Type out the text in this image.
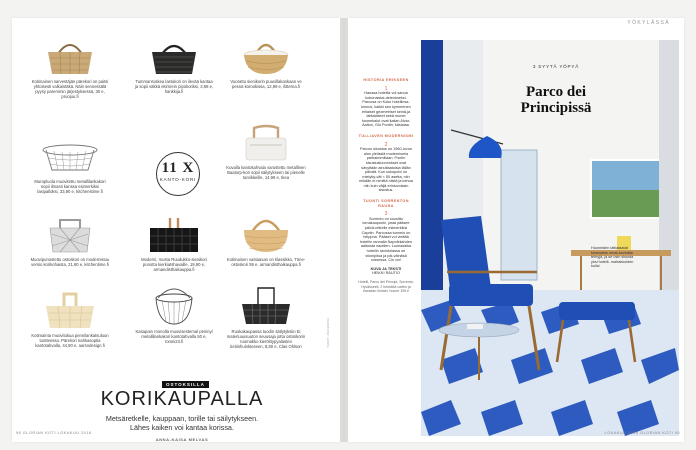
Kotimainen sarvestäjän pärekori on paitsi yhtoisesti valkaistäkä. Näin sennessälä pyysy paremmin järjestyksessä, 30 e, pruojuu.fi
Tummanruskea lastukori on ilevää kantaa ja sopii väkkä ekimrein pipokoriksi, 3,98 e, hankkija.fi
Vuorattu sienikorin puuvillakankaan ve pesnä korookissa, 12,99 e, ilitterna.fi
Muropluola muovitettu metallilankakori sopii ilmasti kanssa esimerkiksi lasipalloksi, 33,90 e, kitchenstime.fi
11 X
KANTO-KORI
Kuvalla kantokahvala varustettu metallinen Baatorp-kori sopii säilytykseen tai pienelle tarvikkeille, 14,99 e, Ikea
Muovipunostettu ostoskori on modernistuu versio korikohaista, 21,90 e, kitchentime.fi
Moderni, musta Ruudukko-sienikori punotta kierkiatshavaille, 19,90 e, armandisthaikauppa.fi
Kotimainen vastaavan on klassikko, Töne-ostoskori 59 e, armandisthaikauppa.fi
Kotimainta muovitukua pennilankatsuluun tuotteessa. Pärekori nahkasoptia kantotahvalla, 44,90 e, aarsodesign.fi
Kasapain roonolla muovisestemal peninyl metallilankakori kantotahvalla 50 e, roomi23.fi
Ruokakaupassa tuodin sätlytyksiin Ei materiuuusuuton seuusaja jotta ostoskorin ruomakko kierölöypyalasten tietiinhuinkteseen, 8,50 e, Clas Ohlson
OSTOKSILLA
KORIKAUPALLA
Metsäretkelle, kauppaan, torille tai säilytykseen.
Lähes kaiken voi kantaa korissa.
ANNA-KAISA MELVAS
96 GLORIAN KOTI LOKAKUU 2016
TEKSTI: JÄRVENPÄÄ
YÖKYLÄSSÄ
HISTORIA ERIKSEEN
1
Hanasa hotellia voi sanoa kokonaistai-deteokseksi. Parcosa on Koko hotellinsa-kinnus, kaikki sen kymmenen erilaiset geometriset seinä-ja lattiataiteet sekä monet huonekalut ovat italian Alvar-Aalton, Gió Pontin, käsialaa.
TULLIAVEN MODERNISMI
2
Parcon sisustus on 1960-luvun alun ylelisslä modernismia parhaimmillaan. Pontin sisustusluonnokset ovat sävyltään ainutlaatuisia tällän päivää. Kun sukupolvi on mielytty-vät < 50 asetta, niin mikään ei nimittä niistä ja kehua niin kuin väljä eriniuvoissin sisustus.
TUONTI SORRENTON RAUHA
3
Sorrento on suosittu lomakaupunki, josta pääsee päivä-retkelle esimerkiksi Capriin. Parcossa tunnelu on helppoa. Pääset voi viettää hotellin rannalla Napolinlahden aaltoista nauttien. Lounasaika hotellin ravintolassa on viiunlpitoa ja päi-väinäsä rossessa. Cin cin!
KUVA JA TEKSTI
HEIKKI RAUTIO
Hotelli, Parco dei Principi, Sorrento; Hyväkseeti, 2 henkilöä varten ja hanskan hintain, huone 199 e
3 SYYTÄ YÖPYÄ
Parco dei Principissä
Huoneiden lattialaatat toimiodisk ornat-kuviokta tehtyjä, ja se osin sisusta yksi hotelli- mahakkoiden kulisi.
LOKAKUU 2016 GLORIAN KOTI 95
